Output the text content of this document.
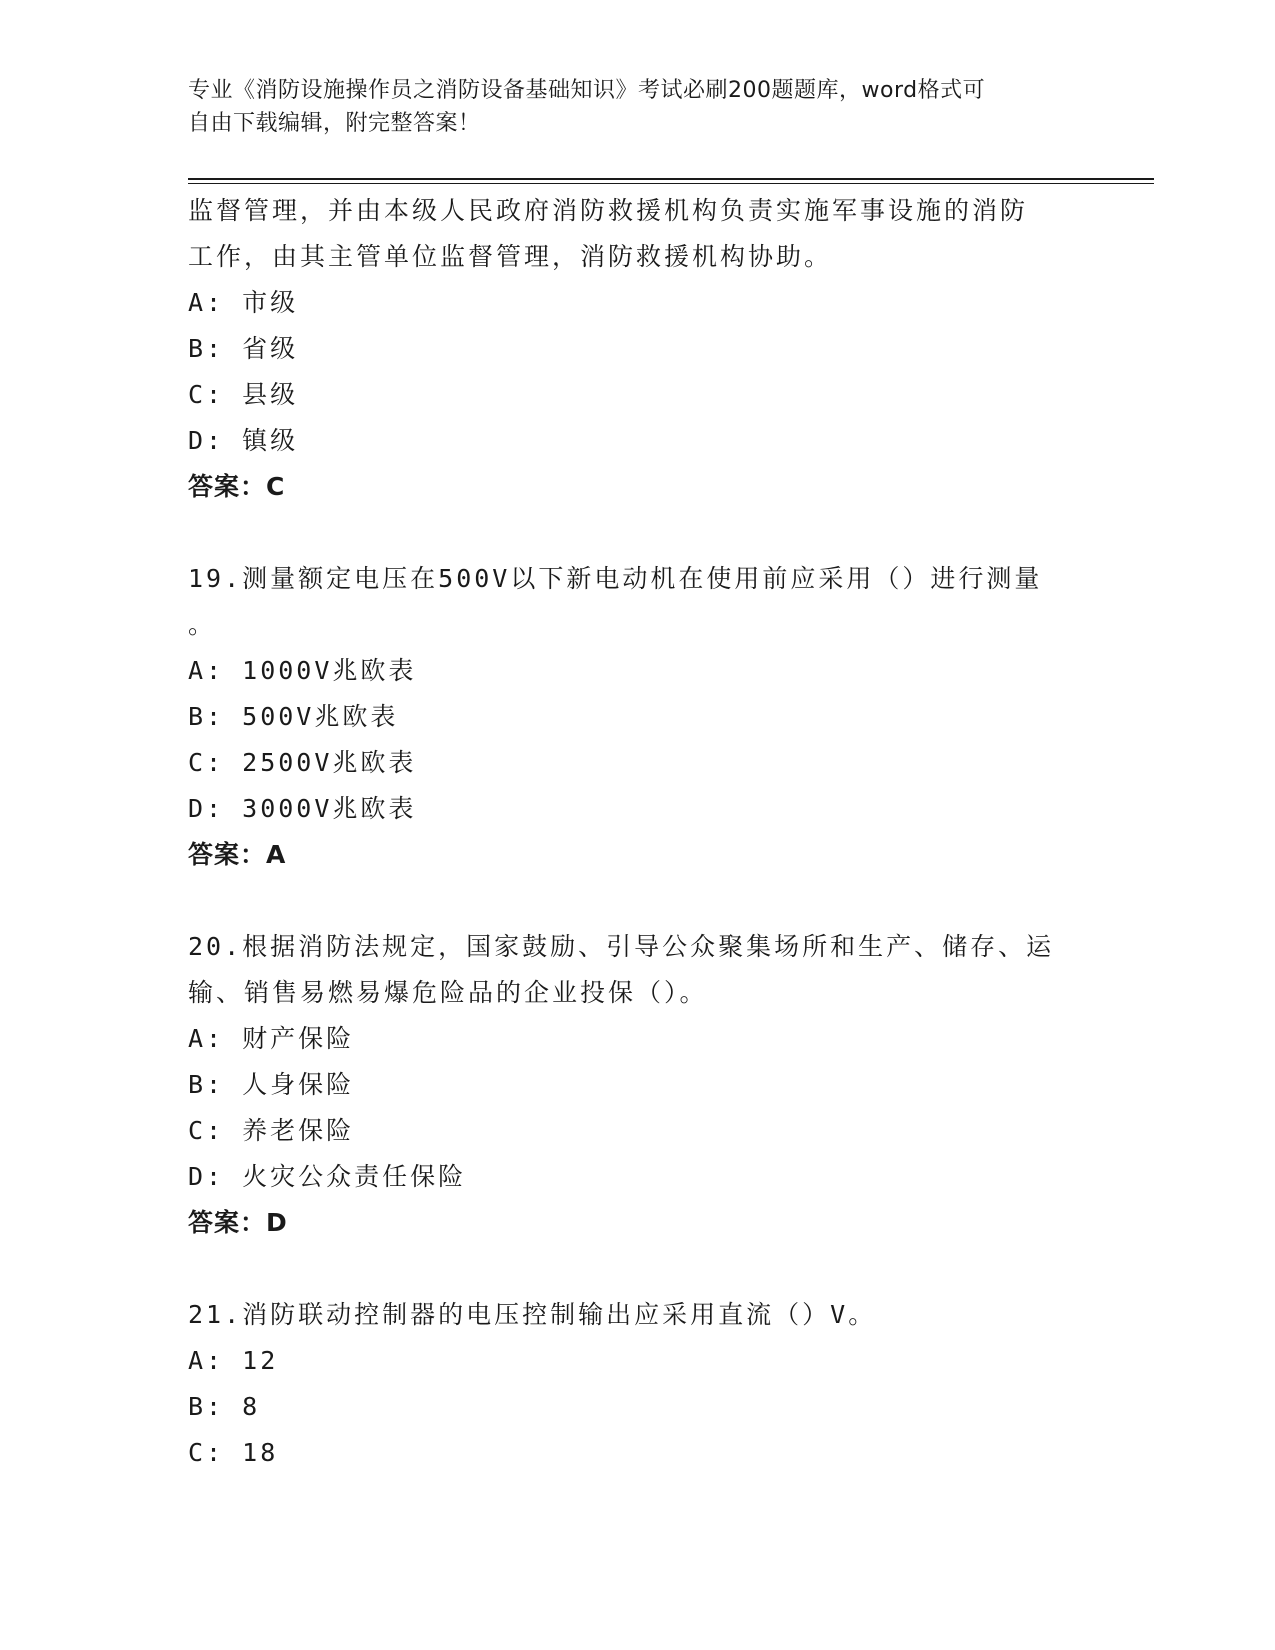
专业《消防设施操作员之消防设备基础知识》考试必刷200题题库，word格式可
自由下载编辑，附完整答案！
监督管理，并由本级人民政府消防救援机构负责实施军事设施的消防
工作，由其主管单位监督管理，消防救援机构协助。
A: 市级
B: 省级
C: 县级
D: 镇级
答案：C
19.测量额定电压在500V以下新电动机在使用前应采用（）进行测量
。
A: 1000V兆欧表
B: 500V兆欧表
C: 2500V兆欧表
D: 3000V兆欧表
答案：A
20.根据消防法规定，国家鼓励、引导公众聚集场所和生产、储存、运
输、销售易燃易爆危险品的企业投保（）。
A: 财产保险
B: 人身保险
C: 养老保险
D: 火灾公众责任保险
答案：D
21.消防联动控制器的电压控制输出应采用直流（）V。
A: 12
B: 8
C: 18
